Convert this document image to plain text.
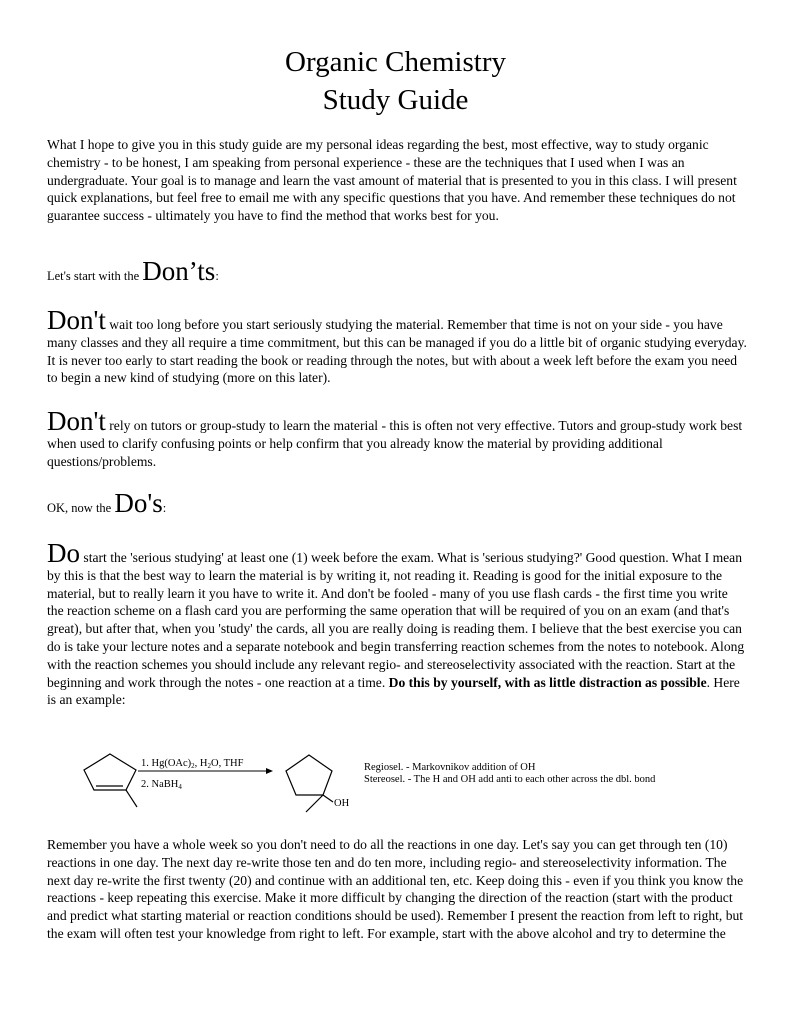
Organic Chemistry
Study Guide

What I hope to give you in this study guide are my personal ideas regarding the best, most effective, way to study organic chemistry - to be honest, I am speaking from personal experience - these are the techniques that I used when I was an undergraduate. Your goal is to manage and learn the vast amount of material that is presented to you in this class. I will present quick explanations, but feel free to email me with any specific questions that you have. And remember these techniques do not guarantee success - ultimately you have to find the method that works best for you.

Let's start with the Don’ts:

Don't wait too long before you start seriously studying the material. Remember that time is not on your side - you have many classes and they all require a time commitment, but this can be managed if you do a little bit of organic studying everyday. It is never too early to start reading the book or reading through the notes, but with about a week left before the exam you need to begin a new kind of studying (more on this later).

Don't rely on tutors or group-study to learn the material - this is often not very effective. Tutors and group-study work best when used to clarify confusing points or help confirm that you already know the material by providing additional questions/problems.

OK, now the Do's:

Do start the 'serious studying' at least one (1) week before the exam. What is 'serious studying?' Good question. What I mean by this is that the best way to learn the material is by writing it, not reading it. Reading is good for the initial exposure to the material, but to really learn it you have to write it. And don't be fooled - many of you use flash cards - the first time you write the reaction scheme on a flash card you are performing the same operation that will be required of you on an exam (and that's great), but after that, when you 'study' the cards, all you are really doing is reading them. I believe that the best exercise you can do is take your lecture notes and a separate notebook and begin transferring reaction schemes from the notes to notebook. Along with the reaction schemes you should include any relevant regio- and stereoselectivity associated with the reaction. Start at the beginning and work through the notes - one reaction at a time. Do this by yourself, with as little distraction as possible. Here is an example:

1. Hg(OAc)2, H2O, THF
2. NaBH4
OH
Regiosel. - Markovnikov addition of OH
Stereosel. - The H and OH add anti to each other across the dbl. bond

Remember you have a whole week so you don't need to do all the reactions in one day. Let's say you can get through ten (10) reactions in one day. The next day re-write those ten and do ten more, including regio- and stereoselectivity information. The next day re-write the first twenty (20) and continue with an additional ten, etc. Keep doing this - even if you think you know the reactions - keep repeating this exercise. Make it more difficult by changing the direction of the reaction (start with the product and predict what starting material or reaction conditions should be used). Remember I present the reaction from left to right, but the exam will often test your knowledge from right to left. For example, start with the above alcohol and try to determine the
